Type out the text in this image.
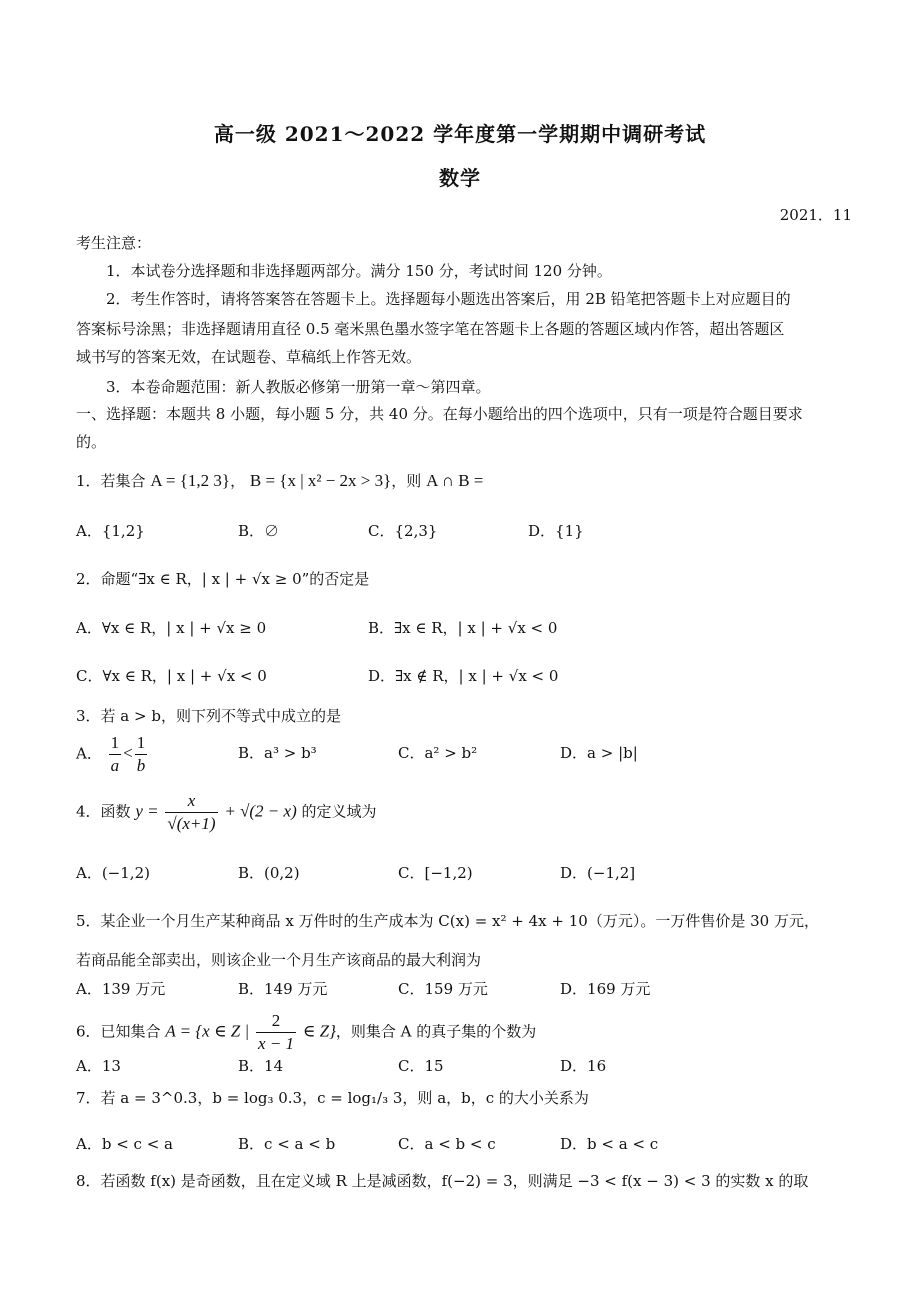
高一级 2021～2022 学年度第一学期期中调研考试
数学
2021．11
考生注意：
1．本试卷分选择题和非选择题两部分。满分 150 分，考试时间 120 分钟。
2．考生作答时，请将答案答在答题卡上。选择题每小题选出答案后，用 2B 铅笔把答题卡上对应题目的
答案标号涂黑；非选择题请用直径 0.5 毫米黑色墨水签字笔在答题卡上各题的答题区域内作答，超出答题区
域书写的答案无效，在试题卷、草稿纸上作答无效。
3．本卷命题范围：新人教版必修第一册第一章～第四章。
一、选择题：本题共 8 小题，每小题 5 分，共 40 分。在每小题给出的四个选项中，只有一项是符合题目要求
的。
1．若集合 A = {1,2 3}， B = {x | x² − 2x > 3}，则 A ∩ B =
A．{1,2}	B．∅	C．{2,3}	D．{1}
2．命题“∃x ∈ R，| x | + √x ≥ 0”的否定是
A．∀x ∈ R，| x | + √x ≥ 0	B．∃x ∈ R，| x | + √x < 0
C．∀x ∈ R，| x | + √x < 0	D．∃x ∉ R，| x | + √x < 0
3．若 a > b，则下列不等式中成立的是
A． $\frac{1}{a} < \frac{1}{b}$	B．a³ > b³	C．a² > b²	D．a > |b|
4．函数 $y = \frac{x}{√(x+1)} + √(2 - x)$ 的定义域为
A．(−1,2)	B．(0,2)	C．[−1,2)	D．(−1,2]
5．某企业一个月生产某种商品 x 万件时的生产成本为 C(x) = x² + 4x + 10（万元）。一万件售价是 30 万元，
若商品能全部卖出，则该企业一个月生产该商品的最大利润为
A．139 万元	B．149 万元	C．159 万元	D．169 万元
6．已知集合 A = {x ∈ Z | $\frac{2}{x - 1}$ ∈ Z}，则集合 A 的真子集的个数为
A．13	B．14	C．15	D．16
7．若 a = 3^0.3，b = log₃ 0.3，c = log₁/₃ 3，则 a，b，c 的大小关系为
A．b < c < a	B．c < a < b	C．a < b < c	D．b < a < c
8．若函数 f(x) 是奇函数，且在定义域 R 上是减函数，f(−2) = 3，则满足 −3 < f(x − 3) < 3 的实数 x 的取
